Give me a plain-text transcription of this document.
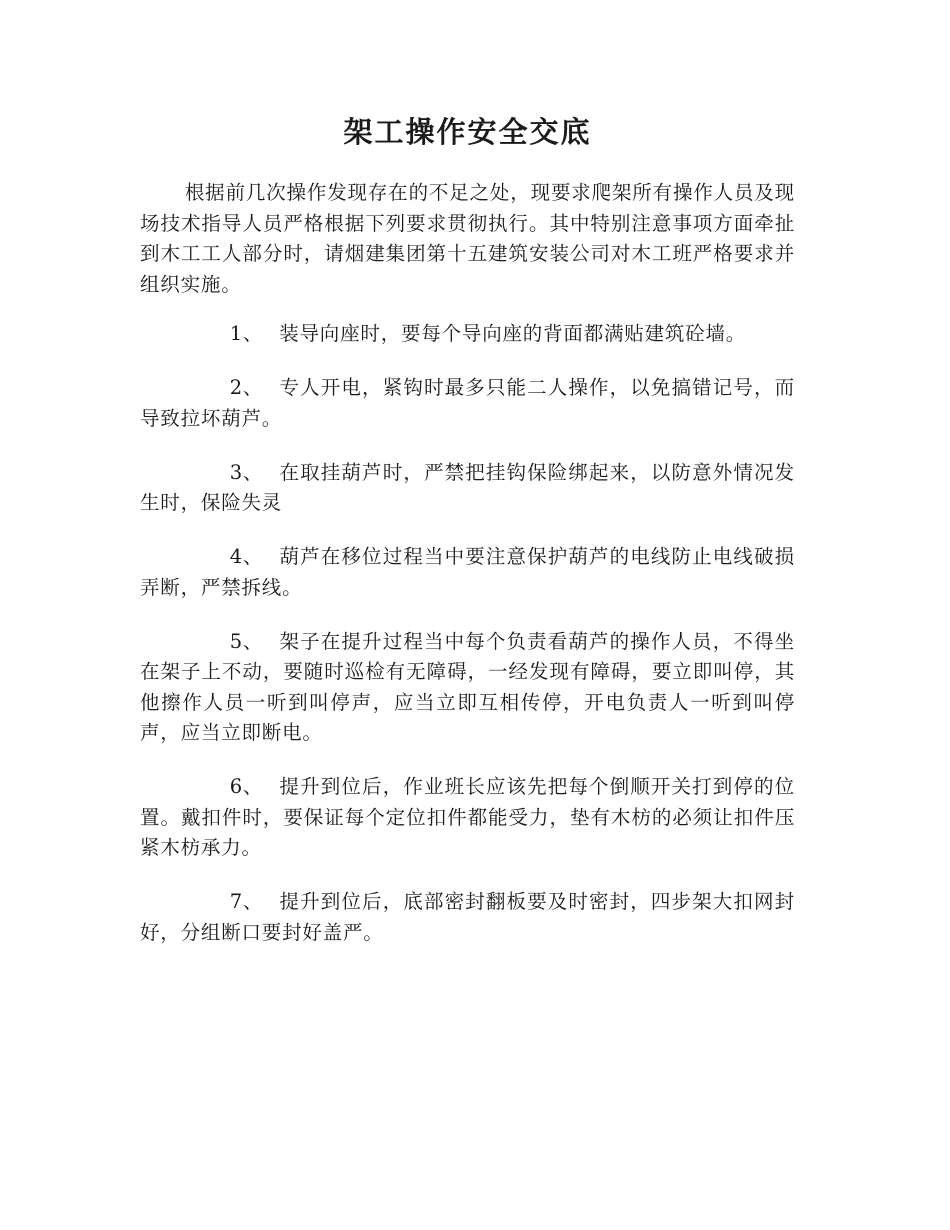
架工操作安全交底

根据前几次操作发现存在的不足之处，现要求爬架所有操作人员及现场技术指导人员严格根据下列要求贯彻执行。其中特别注意事项方面牵扯到木工工人部分时，请烟建集团第十五建筑安装公司对木工班严格要求并组织实施。

1、 装导向座时，要每个导向座的背面都满贴建筑砼墙。

2、 专人开电，紧钩时最多只能二人操作，以免搞错记号，而导致拉坏葫芦。

3、 在取挂葫芦时，严禁把挂钩保险绑起来，以防意外情况发生时，保险失灵

4、 葫芦在移位过程当中要注意保护葫芦的电线防止电线破损弄断，严禁拆线。

5、 架子在提升过程当中每个负责看葫芦的操作人员，不得坐在架子上不动，要随时巡检有无障碍，一经发现有障碍，要立即叫停，其他擦作人员一听到叫停声，应当立即互相传停，开电负责人一听到叫停声，应当立即断电。

6、 提升到位后，作业班长应该先把每个倒顺开关打到停的位置。戴扣件时，要保证每个定位扣件都能受力，垫有木枋的必须让扣件压紧木枋承力。

7、 提升到位后，底部密封翻板要及时密封，四步架大扣网封好，分组断口要封好盖严。
